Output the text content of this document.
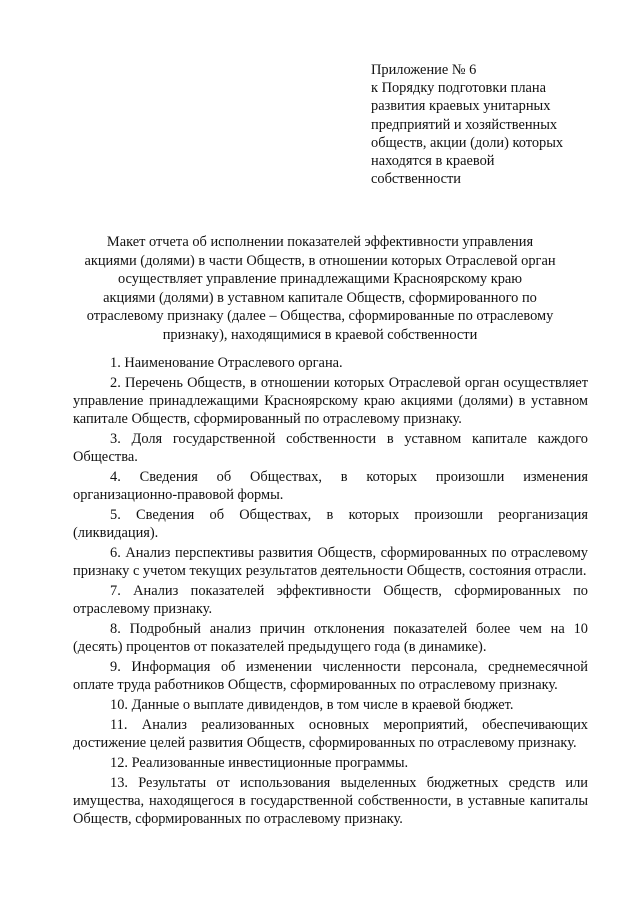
Приложение № 6
к Порядку подготовки плана
развития краевых унитарных
предприятий и хозяйственных
обществ, акции (доли) которых
находятся в краевой
собственности
Макет отчета об исполнении показателей эффективности управления
акциями (долями) в части Обществ, в отношении которых Отраслевой орган
осуществляет управление принадлежащими Красноярскому краю
акциями (долями) в уставном капитале Обществ, сформированного по
отраслевому признаку (далее – Общества, сформированные по отраслевому
признаку), находящимися в краевой собственности

1. Наименование Отраслевого органа.

2. Перечень Обществ, в отношении которых Отраслевой орган осуществляет управление принадлежащими Красноярскому краю акциями (долями) в уставном капитале Обществ, сформированный по отраслевому признаку.

3. Доля государственной собственности в уставном капитале каждого Общества.

4. Сведения об Обществах, в которых произошли изменения организационно-правовой формы.

5. Сведения об Обществах, в которых произошли реорганизация (ликвидация).

6. Анализ перспективы развития Обществ, сформированных по отраслевому признаку с учетом текущих результатов деятельности Обществ, состояния отрасли.

7. Анализ показателей эффективности Обществ, сформированных по отраслевому признаку.

8. Подробный анализ причин отклонения показателей более чем на 10 (десять) процентов от показателей предыдущего года (в динамике).

9. Информация об изменении численности персонала, среднемесячной оплате труда работников Обществ, сформированных по отраслевому признаку.

10. Данные о выплате дивидендов, в том числе в краевой бюджет.

11. Анализ реализованных основных мероприятий, обеспечивающих достижение целей развития Обществ, сформированных по отраслевому признаку.

12. Реализованные инвестиционные программы.

13. Результаты от использования выделенных бюджетных средств или имущества, находящегося в государственной собственности, в уставные капиталы Обществ, сформированных по отраслевому признаку.
